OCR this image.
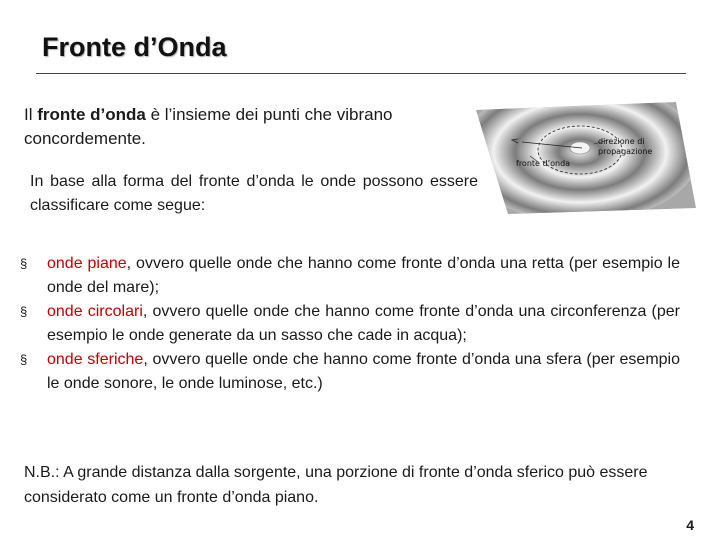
Fronte d’Onda

Il fronte d’onda è l’insieme dei punti che vibrano concordemente.

In base alla forma del fronte d’onda le onde possono essere classificare come segue:

direzione di
propagazione
fronte d’onda
§ onde piane, ovvero quelle onde che hanno come fronte d’onda una retta (per esempio le onde del mare);
§ onde circolari, ovvero quelle onde che hanno come fronte d’onda una circonferenza (per esempio le onde generate da un sasso che cade in acqua);
§ onde sferiche, ovvero quelle onde che hanno come fronte d’onda una sfera (per esempio le onde sonore, le onde luminose, etc.)

N.B.: A grande distanza dalla sorgente, una porzione di fronte d’onda sferico può essere considerato come un fronte d’onda piano.

4
